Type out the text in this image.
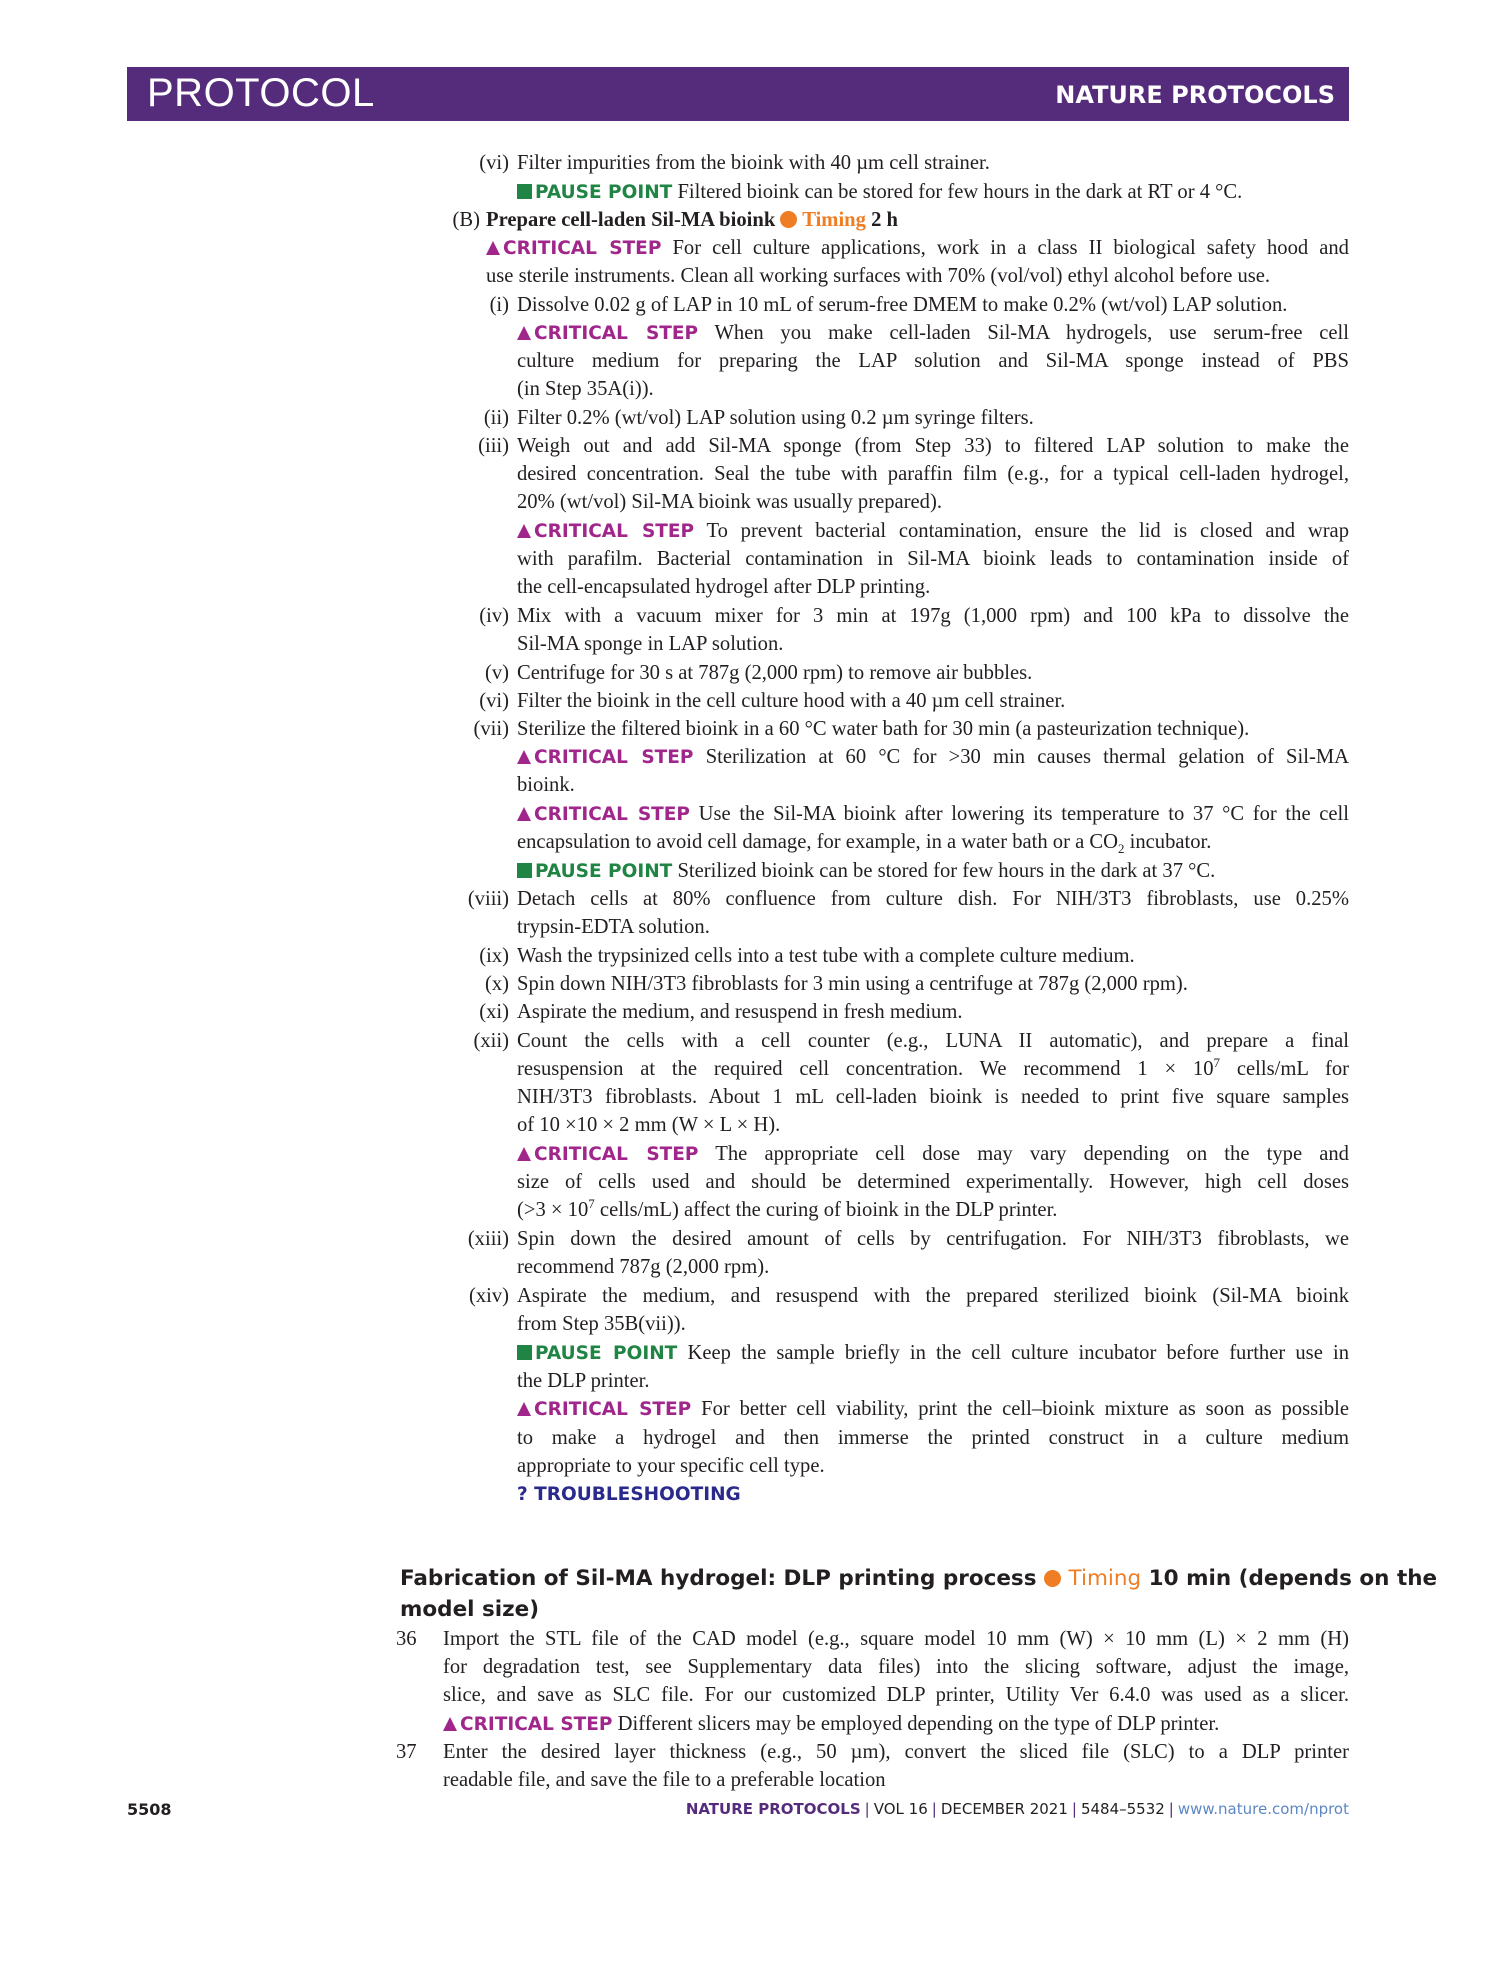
PROTOCOL	NATURE PROTOCOLS
(vi) Filter impurities from the bioink with 40 µm cell strainer.
PAUSE POINT Filtered bioink can be stored for few hours in the dark at RT or 4 °C.
(B) Prepare cell-laden Sil-MA bioink Timing 2 h
CRITICAL STEP For cell culture applications, work in a class II biological safety hood and
use sterile instruments. Clean all working surfaces with 70% (vol/vol) ethyl alcohol before use.
(i) Dissolve 0.02 g of LAP in 10 mL of serum-free DMEM to make 0.2% (wt/vol) LAP solution.
CRITICAL STEP When you make cell-laden Sil-MA hydrogels, use serum-free cell
culture medium for preparing the LAP solution and Sil-MA sponge instead of PBS
(in Step 35A(i)).
(ii) Filter 0.2% (wt/vol) LAP solution using 0.2 µm syringe filters.
(iii) Weigh out and add Sil-MA sponge (from Step 33) to filtered LAP solution to make the
desired concentration. Seal the tube with paraffin film (e.g., for a typical cell-laden hydrogel,
20% (wt/vol) Sil-MA bioink was usually prepared).
CRITICAL STEP To prevent bacterial contamination, ensure the lid is closed and wrap
with parafilm. Bacterial contamination in Sil-MA bioink leads to contamination inside of
the cell-encapsulated hydrogel after DLP printing.
(iv) Mix with a vacuum mixer for 3 min at 197g (1,000 rpm) and 100 kPa to dissolve the
Sil-MA sponge in LAP solution.
(v) Centrifuge for 30 s at 787g (2,000 rpm) to remove air bubbles.
(vi) Filter the bioink in the cell culture hood with a 40 µm cell strainer.
(vii) Sterilize the filtered bioink in a 60 °C water bath for 30 min (a pasteurization technique).
CRITICAL STEP Sterilization at 60 °C for >30 min causes thermal gelation of Sil-MA
bioink.
CRITICAL STEP Use the Sil-MA bioink after lowering its temperature to 37 °C for the cell
encapsulation to avoid cell damage, for example, in a water bath or a $CO_2$ incubator.
PAUSE POINT Sterilized bioink can be stored for few hours in the dark at 37 °C.
(viii) Detach cells at 80% confluence from culture dish. For NIH/3T3 fibroblasts, use 0.25%
trypsin-EDTA solution.
(ix) Wash the trypsinized cells into a test tube with a complete culture medium.
(x) Spin down NIH/3T3 fibroblasts for 3 min using a centrifuge at 787g (2,000 rpm).
(xi) Aspirate the medium, and resuspend in fresh medium.
(xii) Count the cells with a cell counter (e.g., LUNA II automatic), and prepare a final
resuspension at the required cell concentration. We recommend $1 \times 10^7$ cells/mL for
NIH/3T3 fibroblasts. About 1 mL cell-laden bioink is needed to print five square samples
of 10 ×10 × 2 mm (W × L × H).
CRITICAL STEP The appropriate cell dose may vary depending on the type and
size of cells used and should be determined experimentally. However, high cell doses
($>3 \times 10^7$ cells/mL) affect the curing of bioink in the DLP printer.
(xiii) Spin down the desired amount of cells by centrifugation. For NIH/3T3 fibroblasts, we
recommend 787g (2,000 rpm).
(xiv) Aspirate the medium, and resuspend with the prepared sterilized bioink (Sil-MA bioink
from Step 35B(vii)).
PAUSE POINT Keep the sample briefly in the cell culture incubator before further use in
the DLP printer.
CRITICAL STEP For better cell viability, print the cell–bioink mixture as soon as possible
to make a hydrogel and then immerse the printed construct in a culture medium
appropriate to your specific cell type.
? TROUBLESHOOTING
Fabrication of Sil-MA hydrogel: DLP printing process Timing 10 min (depends on the
model size)
36 Import the STL file of the CAD model (e.g., square model 10 mm (W) × 10 mm (L) × 2 mm (H)
for degradation test, see Supplementary data files) into the slicing software, adjust the image,
slice, and save as SLC file. For our customized DLP printer, Utility Ver 6.4.0 was used as a slicer.
CRITICAL STEP Different slicers may be employed depending on the type of DLP printer.
37 Enter the desired layer thickness (e.g., 50 µm), convert the sliced file (SLC) to a DLP printer
readable file, and save the file to a preferable location
5508	NATURE PROTOCOLS | VOL 16 | DECEMBER 2021 | 5484–5532 | www.nature.com/nprot
